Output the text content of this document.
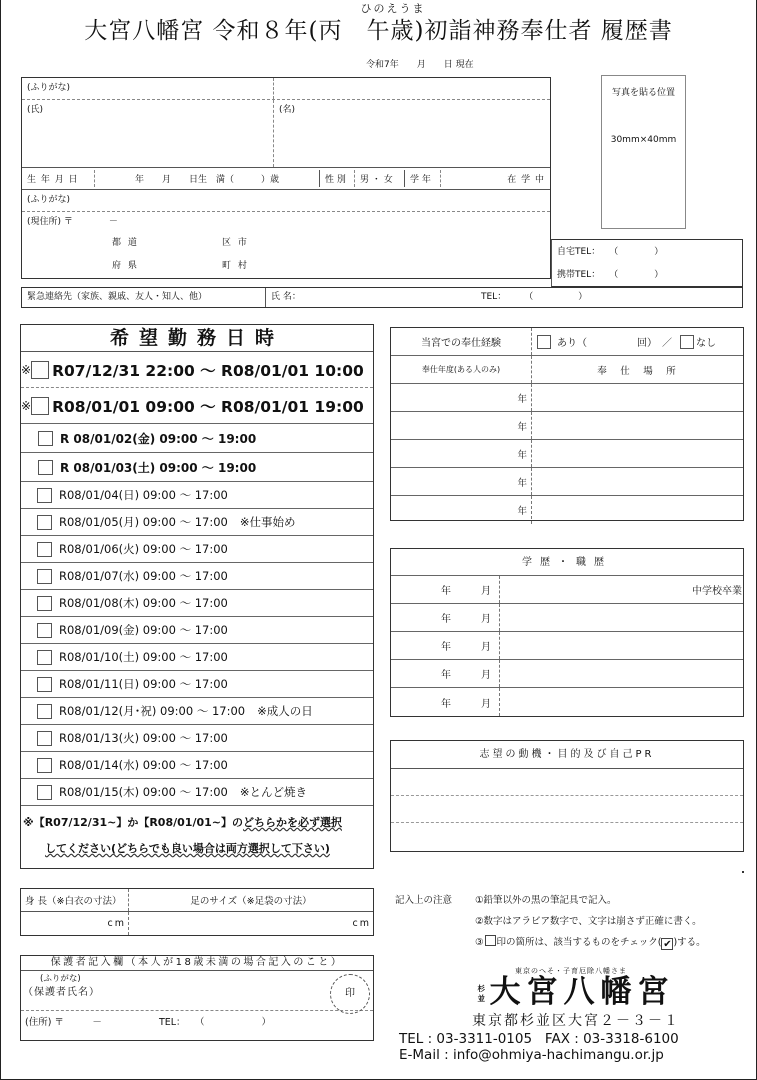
大宮八幡宮 令和８年(丙
ひのえうま
　午歳)初詣神務奉仕者 履歴書
令和7年　　月　　日 現在
(ふりがな)
(氏)	(名)
生 年 月 日	年　　月　　日生　満（　　　）歳	性 別	男 ・ 女	学 年	在 学 中
(ふりがな)
(現住所) 〒　　　　－
都 道	区 市
府 県	町 村
写真を貼る位置
30mm×40mm
自宅TEL：　　（　　　　）
携帯TEL：　　（　　　　）
緊急連絡先（家族、親戚、友人・知人、他）	氏 名：	TEL：　　　（　　　　　）
希望勤務日時
※ R07/12/31 22:00 ～ R08/01/01 10:00
※ R08/01/01 09:00 ～ R08/01/01 19:00
R 08/01/02(金) 09:00 ～ 19:00
R 08/01/03(土) 09:00 ～ 19:00
R08/01/04(日) 09:00 ～ 17:00
R08/01/05(月) 09:00 ～ 17:00 ※仕事始め
R08/01/06(火) 09:00 ～ 17:00
R08/01/07(水) 09:00 ～ 17:00
R08/01/08(木) 09:00 ～ 17:00
R08/01/09(金) 09:00 ～ 17:00
R08/01/10(土) 09:00 ～ 17:00
R08/01/11(日) 09:00 ～ 17:00
R08/01/12(月･祝) 09:00 ～ 17:00 ※成人の日
R08/01/13(火) 09:00 ～ 17:00
R08/01/14(水) 09:00 ～ 17:00
R08/01/15(木) 09:00 ～ 17:00 ※とんど焼き
※【R07/12/31~】か【R08/01/01~】のどちらかを必ず選択
してください(どちらでも良い場合は両方選択して下さい)
当宮での奉仕経験	あり（　　　　　回）　／ なし
奉仕年度(ある人のみ)	奉　仕　場　所
年
年
年
年
年
学歴・職歴
年	月	中学校卒業
年	月
年	月
年	月
年	月
志望の動機・目的及び自己PR
身 長（※白衣の寸法）	足のサイズ（※足袋の寸法）
cm	cm
記入上の注意 ①鉛筆以外の黒の筆記具で記入。
②数字はアラビア数字で、文字は崩さず正確に書く。
③ 印の箇所は、該当するものをチェック( ✔ )する。
保護者記入欄（本人が18歳未満の場合記入のこと）
(ふりがな)
（保護者氏名）	印
(住所) 〒　　　－　　　　　　	TEL：　　（　　　　　　）
東京のへそ・子育厄除八幡さま
杉並大宮八幡宮
東京都杉並区大宮２－３－１
TEL : 03-3311-0105   FAX : 03-3318-6100
E-Mail : info@ohmiya-hachimangu.or.jp
